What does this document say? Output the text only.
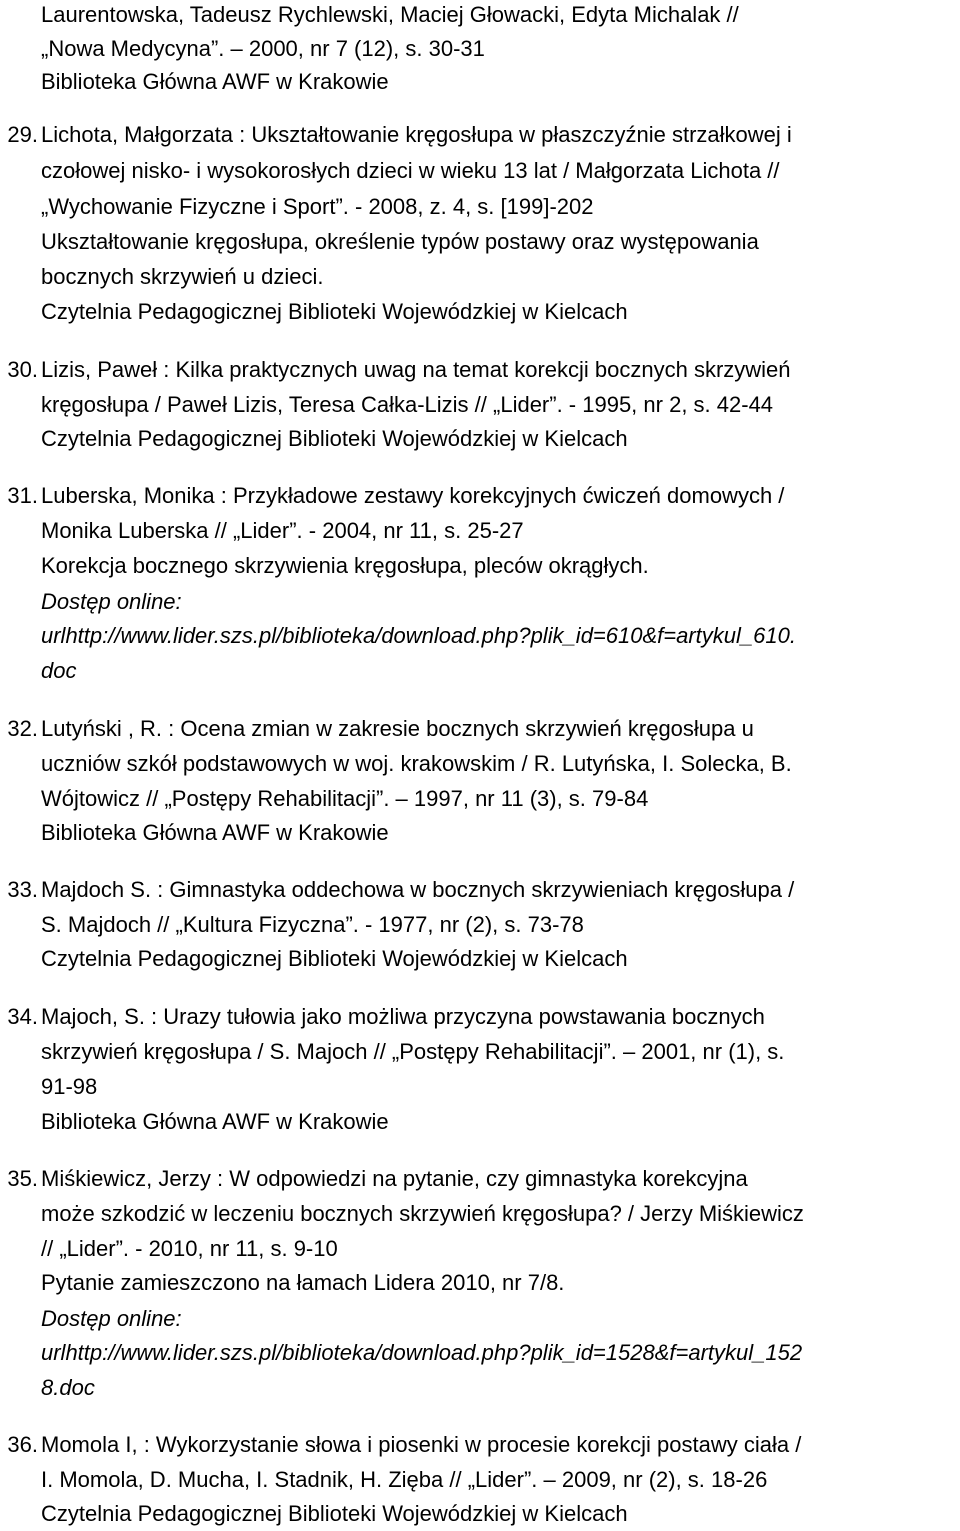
Laurentowska, Tadeusz Rychlewski, Maciej Głowacki, Edyta Michalak //
„Nowa Medycyna”. – 2000, nr 7 (12), s. 30-31
Biblioteka Główna AWF w Krakowie
29. Lichota, Małgorzata : Ukształtowanie kręgosłupa w płaszczyźnie strzałkowej i
czołowej nisko- i wysokorosłych dzieci w wieku 13 lat / Małgorzata Lichota //
„Wychowanie Fizyczne i Sport”. - 2008, z. 4, s. [199]-202
Ukształtowanie kręgosłupa, określenie typów postawy oraz występowania
bocznych skrzywień u dzieci.
Czytelnia Pedagogicznej Biblioteki Wojewódzkiej w Kielcach
30. Lizis, Paweł : Kilka praktycznych uwag na temat korekcji bocznych skrzywień
kręgosłupa / Paweł Lizis, Teresa Całka-Lizis // „Lider”. - 1995, nr 2, s. 42-44
Czytelnia Pedagogicznej Biblioteki Wojewódzkiej w Kielcach
31. Luberska, Monika : Przykładowe zestawy korekcyjnych ćwiczeń domowych /
Monika Luberska // „Lider”. - 2004, nr 11, s. 25-27
Korekcja bocznego skrzywienia kręgosłupa, pleców okrągłych.
Dostęp online:
urlhttp://www.lider.szs.pl/biblioteka/download.php?plik_id=610&f=artykul_610.
doc
32. Lutyński , R. : Ocena zmian w zakresie bocznych skrzywień kręgosłupa u
uczniów szkół podstawowych w woj. krakowskim / R. Lutyńska, I. Solecka, B.
Wójtowicz // „Postępy Rehabilitacji”. – 1997, nr 11 (3), s. 79-84
Biblioteka Główna AWF w Krakowie
33. Majdoch S. : Gimnastyka oddechowa w bocznych skrzywieniach kręgosłupa /
S. Majdoch // „Kultura Fizyczna”. - 1977, nr (2), s. 73-78
Czytelnia Pedagogicznej Biblioteki Wojewódzkiej w Kielcach
34. Majoch, S. : Urazy tułowia jako możliwa przyczyna powstawania bocznych
skrzywień kręgosłupa / S. Majoch // „Postępy Rehabilitacji”. – 2001, nr (1), s.
91-98
Biblioteka Główna AWF w Krakowie
35. Miśkiewicz, Jerzy : W odpowiedzi na pytanie, czy gimnastyka korekcyjna
może szkodzić w leczeniu bocznych skrzywień kręgosłupa? / Jerzy Miśkiewicz
// „Lider”. - 2010, nr 11, s. 9-10
Pytanie zamieszczono na łamach Lidera 2010, nr 7/8.
Dostęp online:
urlhttp://www.lider.szs.pl/biblioteka/download.php?plik_id=1528&f=artykul_152
8.doc
36. Momola I, : Wykorzystanie słowa i piosenki w procesie korekcji postawy ciała /
I. Momola, D. Mucha, I. Stadnik, H. Zięba // „Lider”. – 2009, nr (2), s. 18-26
Czytelnia Pedagogicznej Biblioteki Wojewódzkiej w Kielcach
